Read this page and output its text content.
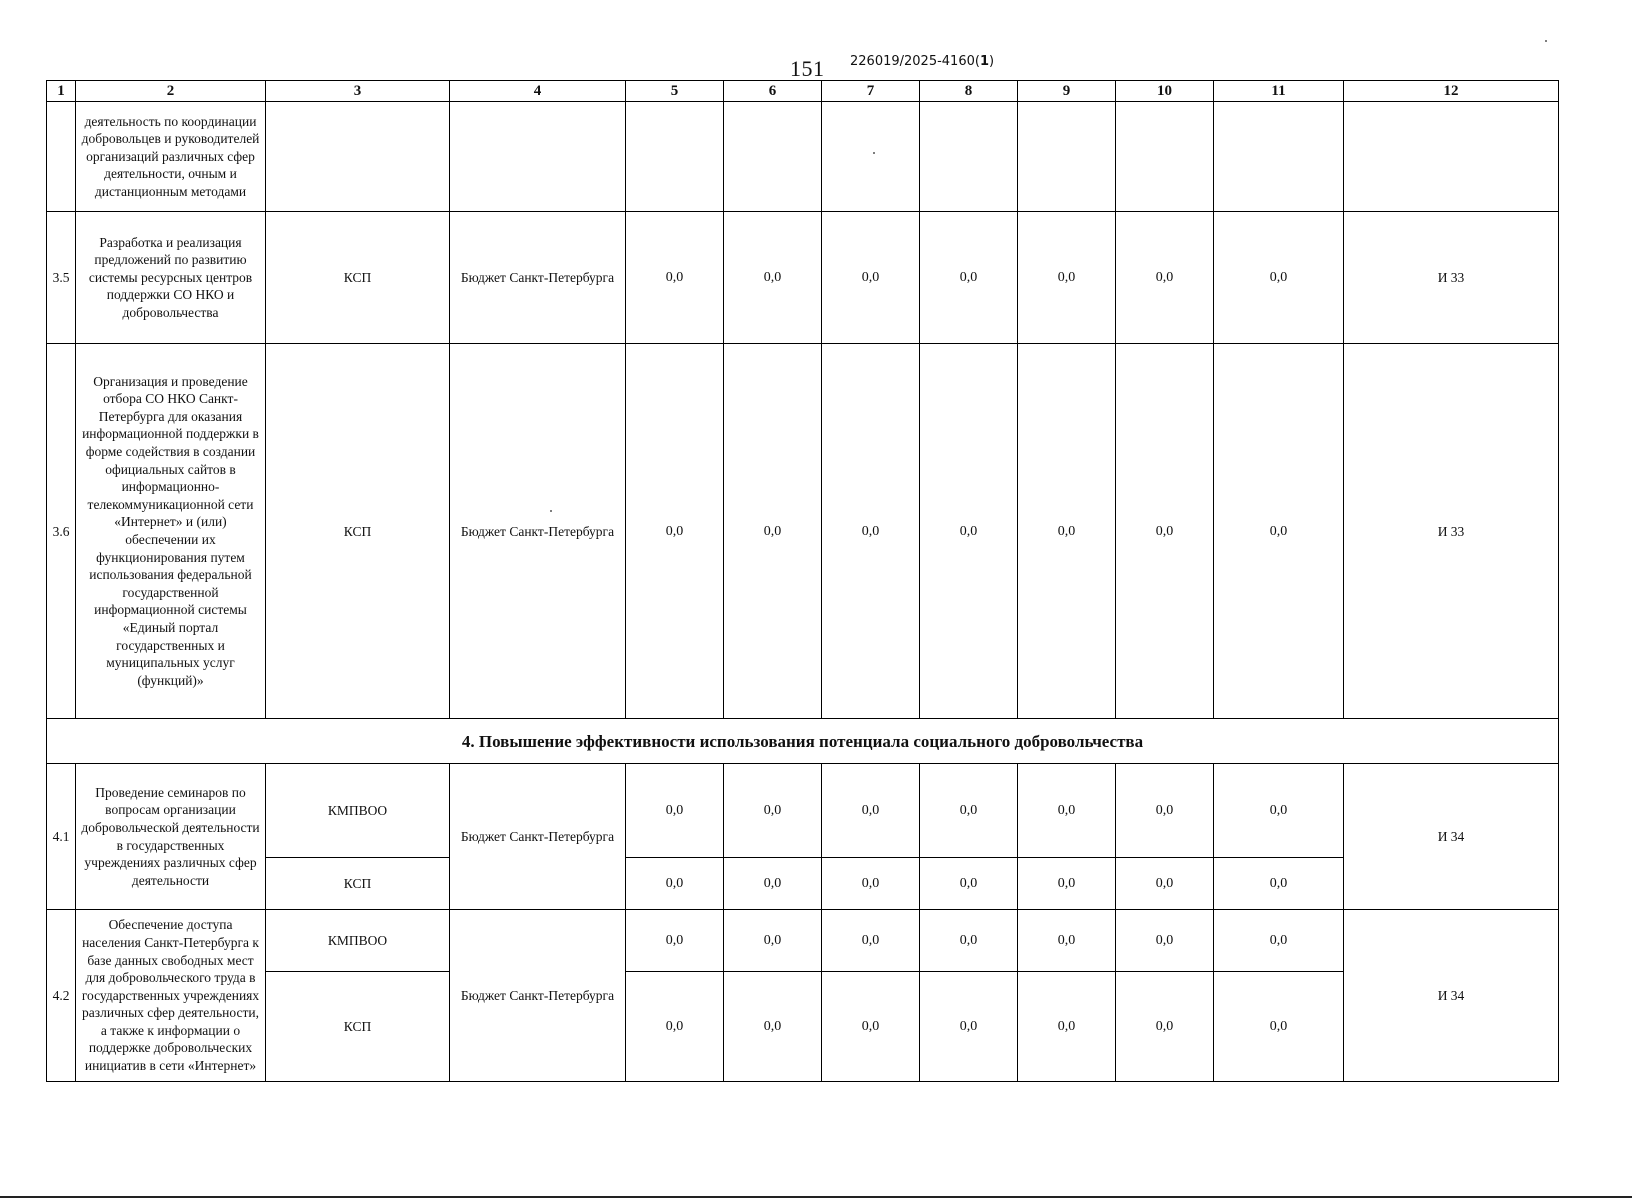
151 226019/2025-4160(1)
1	2	3	4	5	6	7	8	9	10	11	12
	деятельность по координации добровольцев и руководителей организаций различных сфер деятельности, очным и дистанционным методами										
3.5	Разработка и реализация предложений по развитию системы ресурсных центров поддержки СО НКО и добровольчества	КСП	Бюджет Санкт-Петербурга	0,0	0,0	0,0	0,0	0,0	0,0	0,0	И 33
3.6	Организация и проведение отбора СО НКО Санкт-Петербурга для оказания информационной поддержки в форме содействия в создании официальных сайтов в информационно-телекоммуникационной сети «Интернет» и (или) обеспечении их функционирования путем использования федеральной государственной информационной системы «Единый портал государственных и муниципальных услуг (функций)»	КСП	Бюджет Санкт-Петербурга	0,0	0,0	0,0	0,0	0,0	0,0	0,0	И 33
4. Повышение эффективности использования потенциала социального добровольчества											
4.1	Проведение семинаров по вопросам организации добровольческой деятельности в государственных учреждениях различных сфер деятельности	КМПВОО	Бюджет Санкт-Петербурга	0,0	0,0	0,0	0,0	0,0	0,0	0,0	И 34
		КСП		0,0	0,0	0,0	0,0	0,0	0,0	0,0	
4.2	Обеспечение доступа населения Санкт-Петербурга к базе данных свободных мест для добровольческого труда в государственных учреждениях различных сфер деятельности, а также к информации о поддержке добровольческих инициатив в сети «Интернет»	КМПВОО	Бюджет Санкт-Петербурга	0,0	0,0	0,0	0,0	0,0	0,0	0,0	И 34
		КСП		0,0	0,0	0,0	0,0	0,0	0,0	0,0	
